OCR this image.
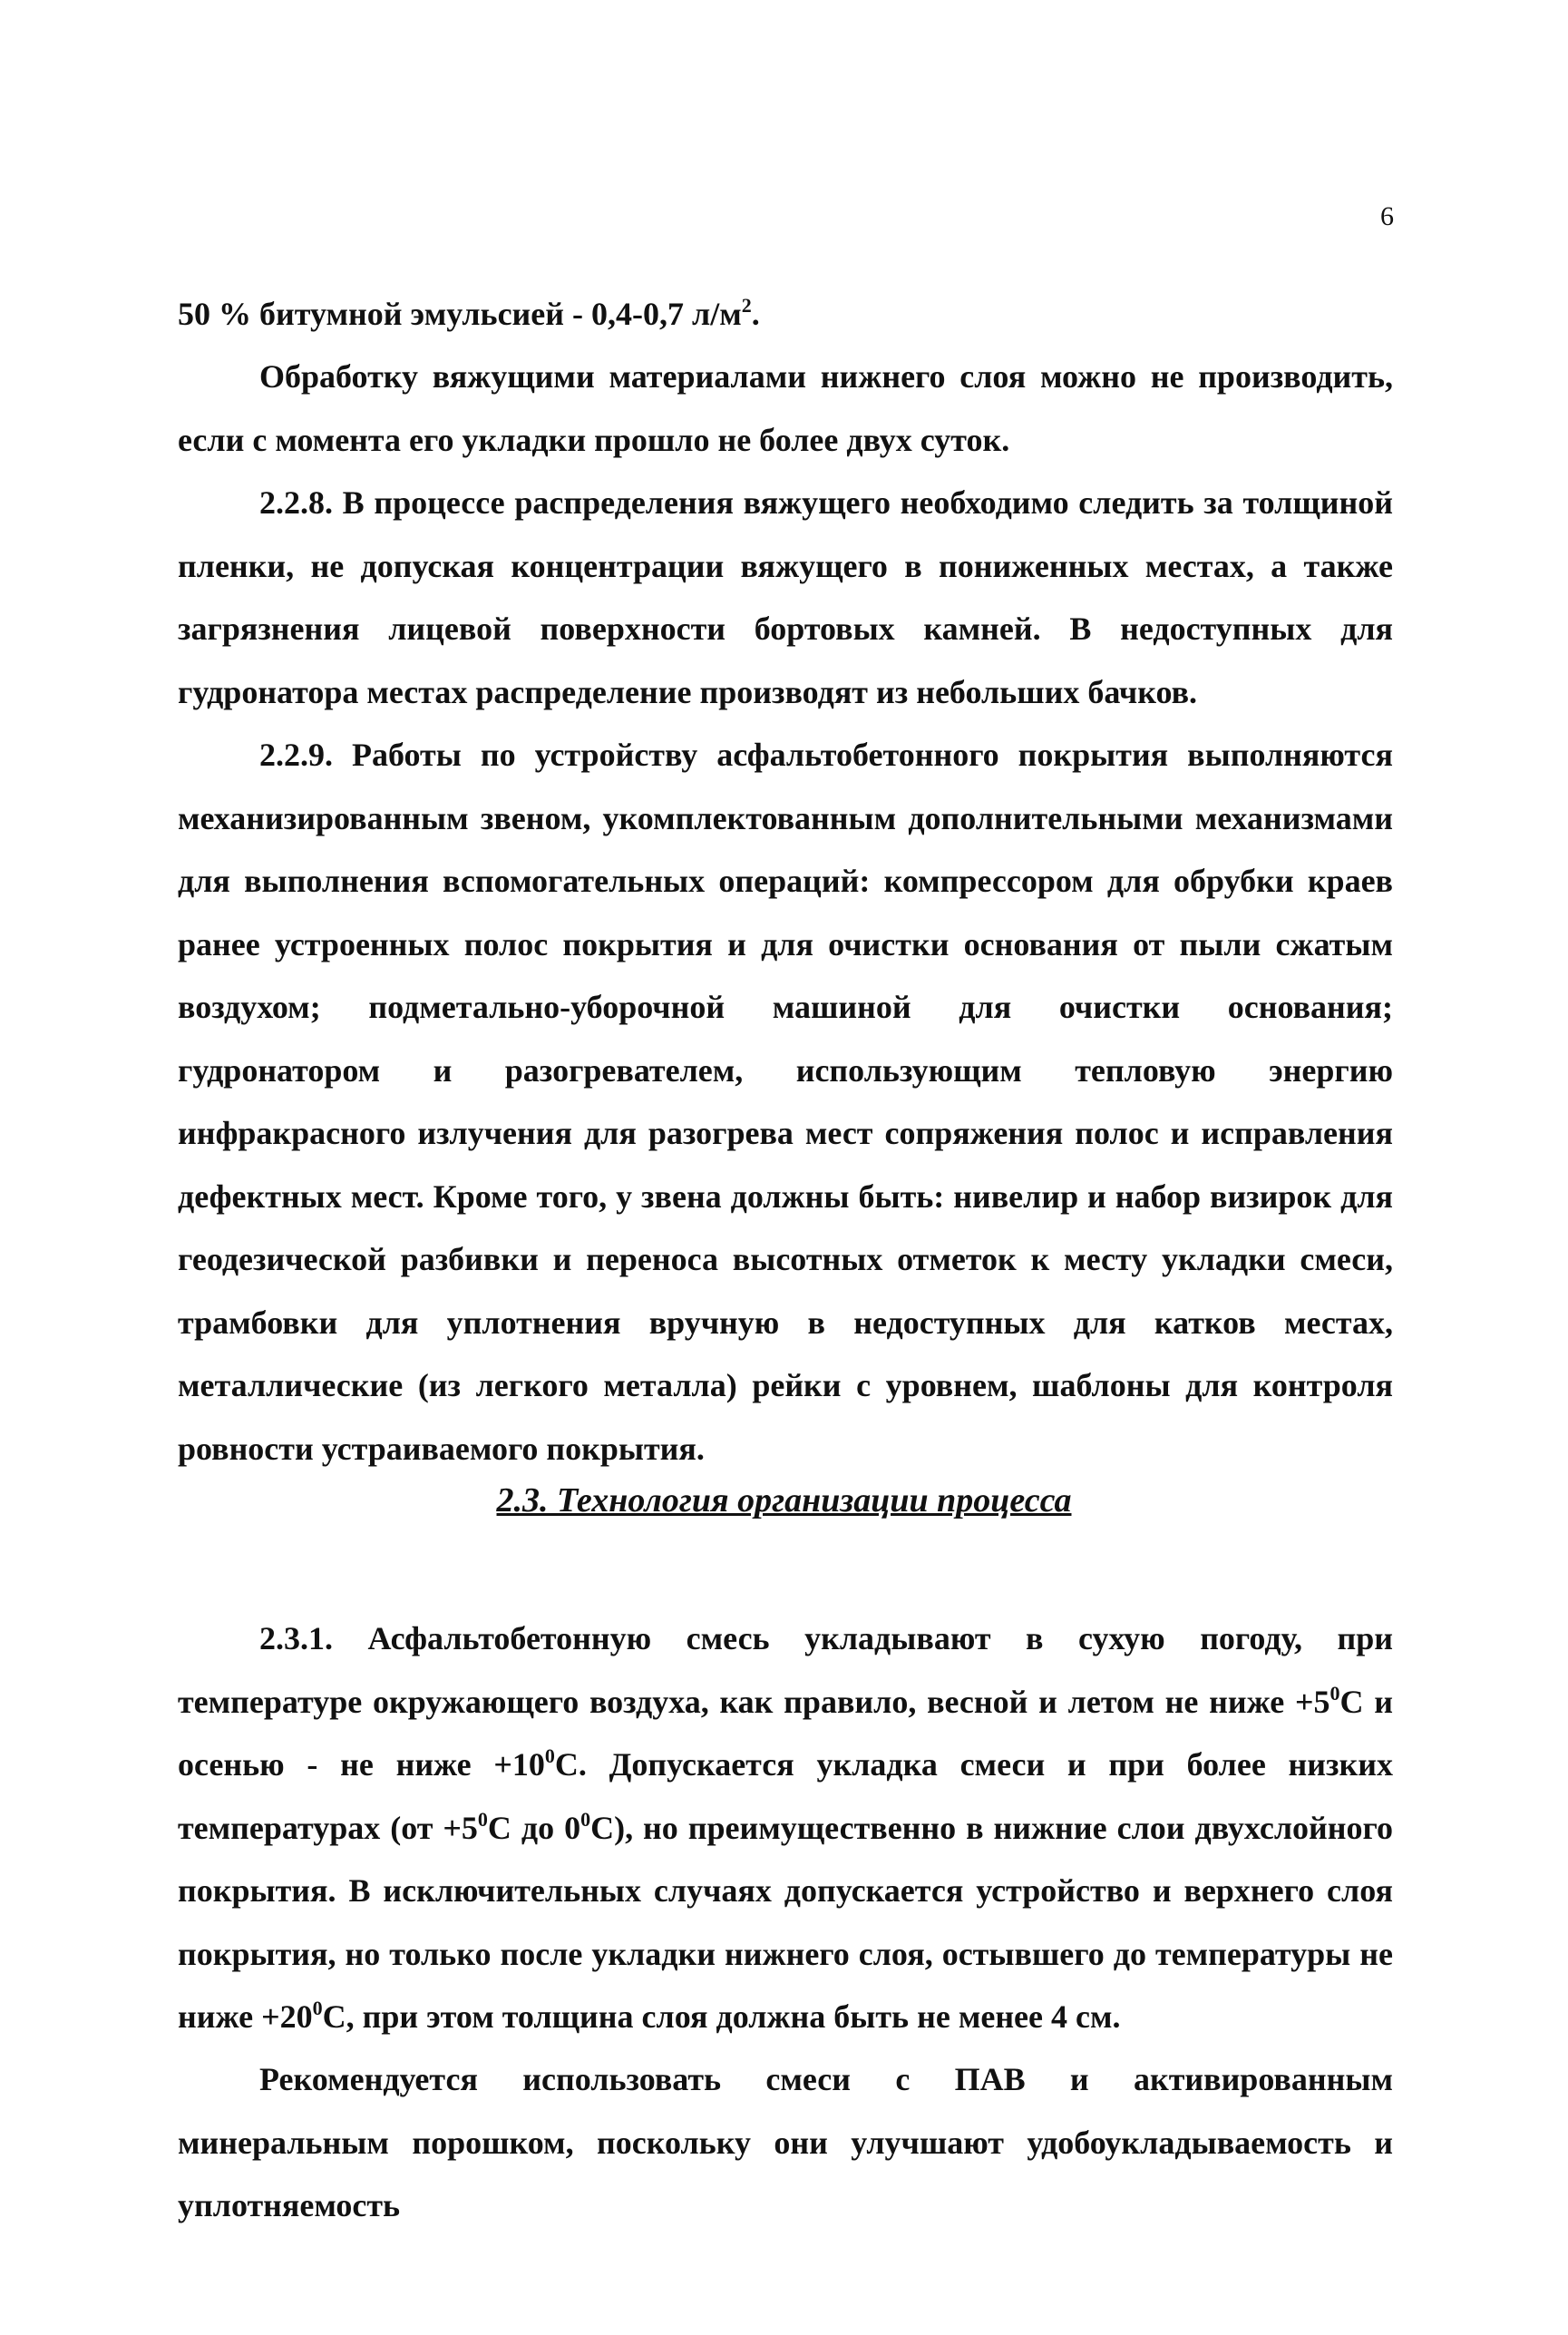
6

50 % битумной эмульсией - 0,4-0,7 $л/м^2$.

Обработку вяжущими материалами нижнего слоя можно не производить, если с момента его укладки прошло не более двух суток.

2.2.8. В процессе распределения вяжущего необходимо следить за толщиной пленки, не допуская концентрации вяжущего в пониженных местах, а также загрязнения лицевой поверхности бортовых камней. В недоступных для гудронатора местах распределение производят из небольших бачков.

2.2.9. Работы по устройству асфальтобетонного покрытия выполняются механизированным звеном, укомплектованным дополнительными механизмами для выполнения вспомогательных операций: компрессором для обрубки краев ранее устроенных полос покрытия и для очистки основания от пыли сжатым воздухом; подметально-уборочной машиной для очистки основания; гудронатором и разогревателем, использующим тепловую энергию инфракрасного излучения для разогрева мест сопряжения полос и исправления дефектных мест. Кроме того, у звена должны быть: нивелир и набор визирок для геодезической разбивки и переноса высотных отметок к месту укладки смеси, трамбовки для уплотнения вручную в недоступных для катков местах, металлические (из легкого металла) рейки с уровнем, шаблоны для контроля ровности устраиваемого покрытия.

2.3. Технология организации процесса

2.3.1. Асфальтобетонную смесь укладывают в сухую погоду, при температуре окружающего воздуха, как правило, весной и летом не ниже $+5^0С$ и осенью - не ниже $+10^0С$. Допускается укладка смеси и при более низких температурах ($от +5^0С$ до $0^0С$), но преимущественно в нижние слои двухслойного покрытия. В исключительных случаях допускается устройство и верхнего слоя покрытия, но только после укладки нижнего слоя, остывшего до температуры не ниже $+20^0С$, при этом толщина слоя должна быть не менее 4 см.

Рекомендуется использовать смеси с ПАВ и активированным минеральным порошком, поскольку они улучшают удобоукладываемость и уплотняемость
